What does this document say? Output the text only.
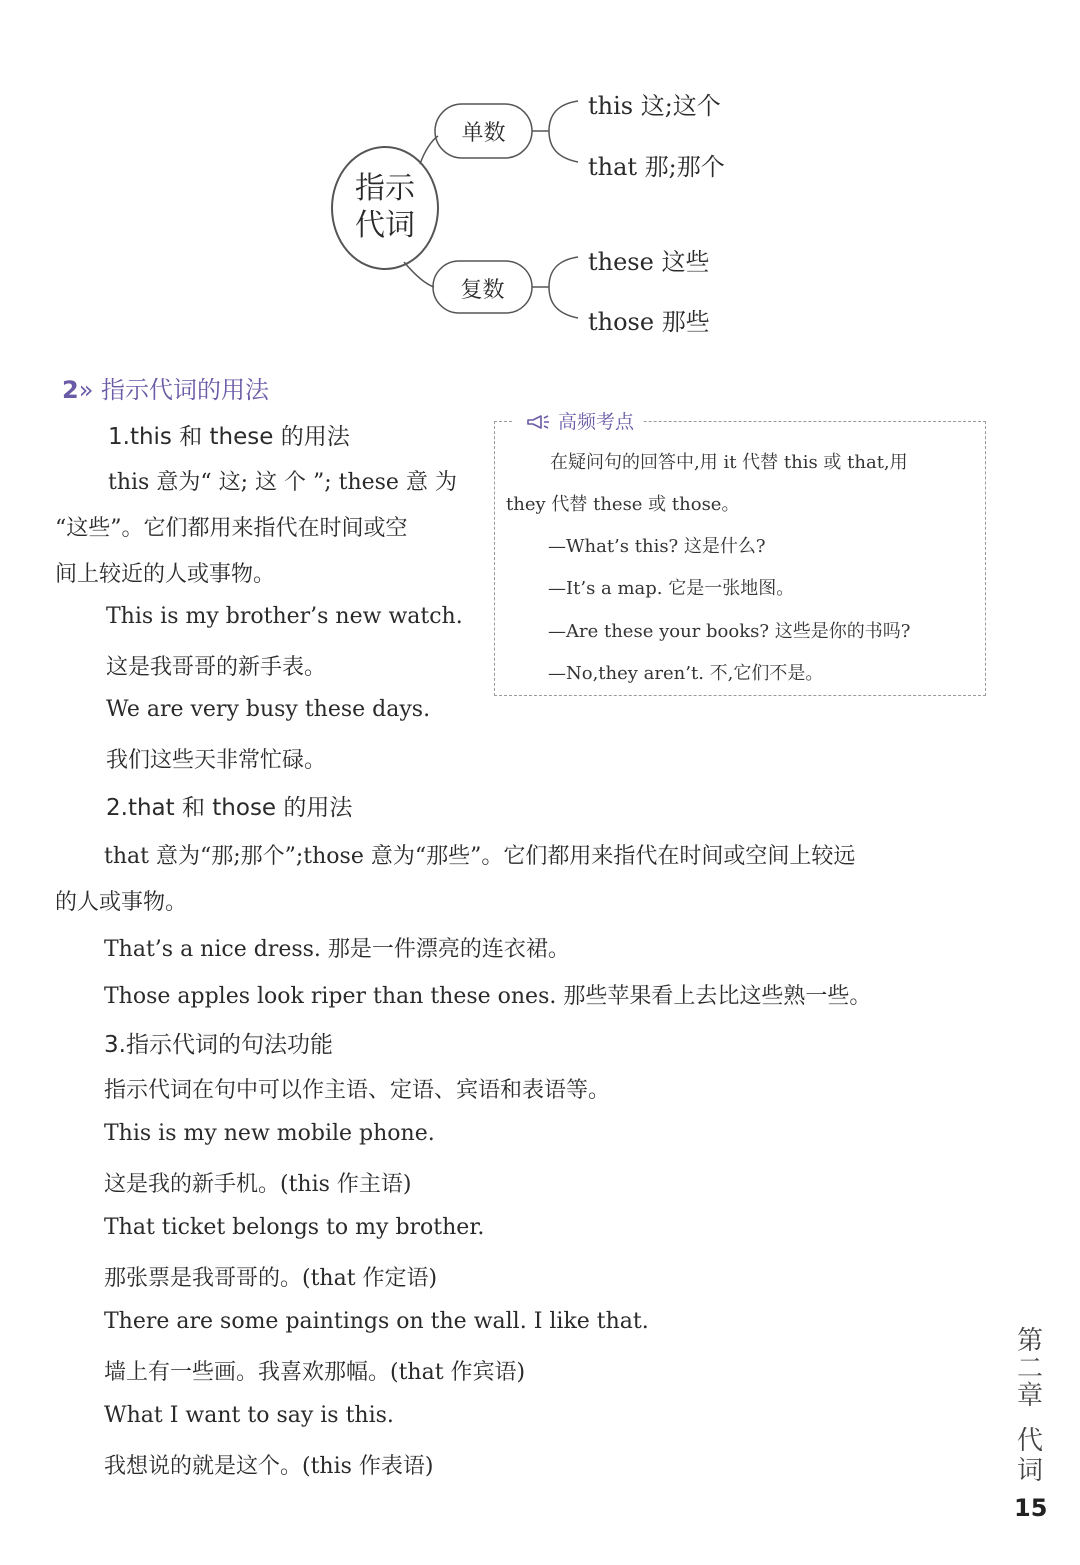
指示
代词
单数
复数
this 这;这个
that 那;那个
these 这些
those 那些
2» 指示代词的用法
1.this 和 these 的用法
this 意为“ 这; 这 个 ”; these 意 为
“这些”。它们都用来指代在时间或空
间上较近的人或事物。
This is my brother’s new watch.
这是我哥哥的新手表。
We are very busy these days.
我们这些天非常忙碌。
高频考点
在疑问句的回答中,用 it 代替 this 或 that,用
they 代替 these 或 those。
—What’s this? 这是什么?
—It’s a map. 它是一张地图。
—Are these your books? 这些是你的书吗?
—No,they aren’t. 不,它们不是。
2.that 和 those 的用法
that 意为“那;那个”;those 意为“那些”。它们都用来指代在时间或空间上较远
的人或事物。
That’s a nice dress. 那是一件漂亮的连衣裙。
Those apples look riper than these ones. 那些苹果看上去比这些熟一些。
3.指示代词的句法功能
指示代词在句中可以作主语、定语、宾语和表语等。
This is my new mobile phone.
这是我的新手机。(this 作主语)
That ticket belongs to my brother.
那张票是我哥哥的。(that 作定语)
There are some paintings on the wall. I like that.
墙上有一些画。我喜欢那幅。(that 作宾语)
What I want to say is this.
我想说的就是这个。(this 作表语)
第
二
章
代
词
15
